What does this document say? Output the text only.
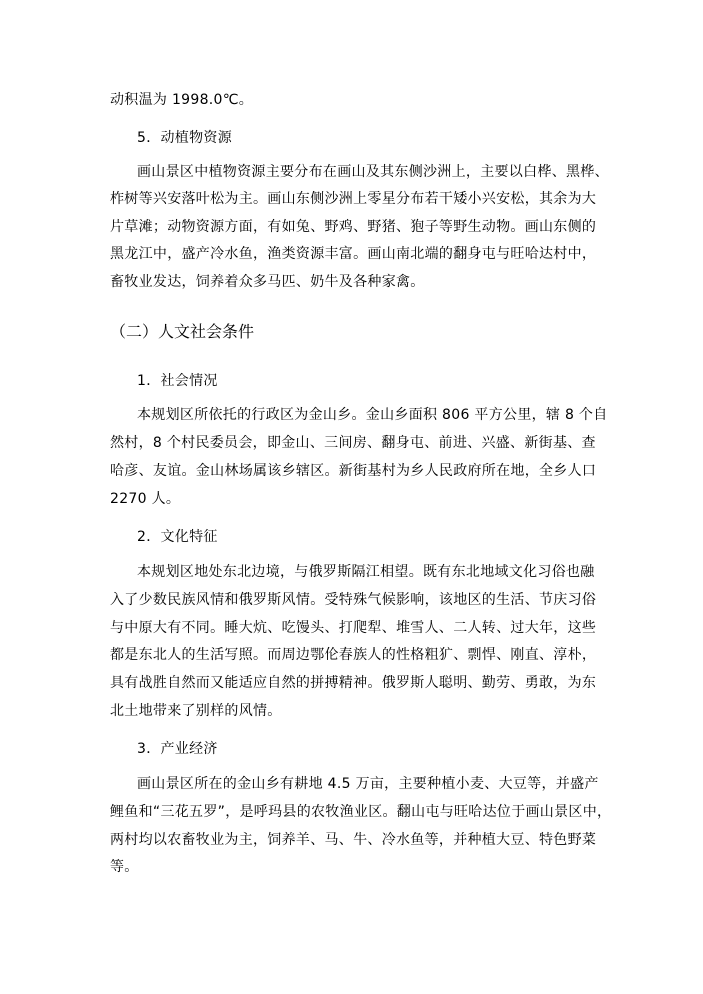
动积温为 1998.0℃。
5．动植物资源
画山景区中植物资源主要分布在画山及其东侧沙洲上，主要以白桦、黑桦、
柞树等兴安落叶松为主。画山东侧沙洲上零星分布若干矮小兴安松，其余为大
片草滩；动物资源方面，有如兔、野鸡、野猪、狍子等野生动物。画山东侧的
黑龙江中，盛产冷水鱼，渔类资源丰富。画山南北端的翻身屯与旺哈达村中，
畜牧业发达，饲养着众多马匹、奶牛及各种家禽。
（二）人文社会条件
1．社会情况
本规划区所依托的行政区为金山乡。金山乡面积 806 平方公里，辖 8 个自
然村，8 个村民委员会，即金山、三间房、翻身屯、前进、兴盛、新街基、查
哈彦、友谊。金山林场属该乡辖区。新街基村为乡人民政府所在地，全乡人口
2270 人。
2．文化特征
本规划区地处东北边境，与俄罗斯隔江相望。既有东北地域文化习俗也融
入了少数民族风情和俄罗斯风情。受特殊气候影响，该地区的生活、节庆习俗
与中原大有不同。睡大炕、吃馒头、打爬犁、堆雪人、二人转、过大年，这些
都是东北人的生活写照。而周边鄂伦春族人的性格粗犷、剽悍、刚直、淳朴，
具有战胜自然而又能适应自然的拼搏精神。俄罗斯人聪明、勤劳、勇敢，为东
北土地带来了别样的风情。
3．产业经济
画山景区所在的金山乡有耕地 4.5 万亩，主要种植小麦、大豆等，并盛产
鲤鱼和“三花五罗”，是呼玛县的农牧渔业区。翻山屯与旺哈达位于画山景区中，
两村均以农畜牧业为主，饲养羊、马、牛、冷水鱼等，并种植大豆、特色野菜
等。
